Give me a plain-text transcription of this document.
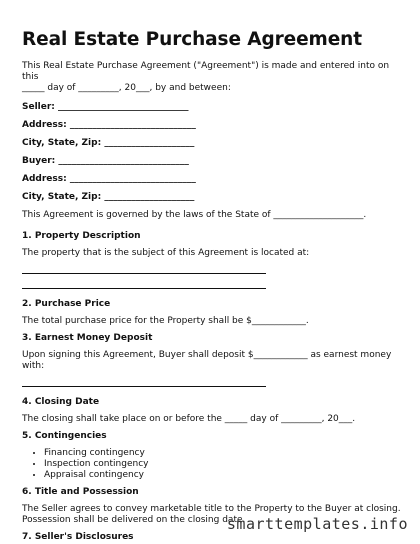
Real Estate Purchase Agreement

This Real Estate Purchase Agreement ("Agreement") is made and entered into on this

_____ day of _________, 20___, by and between:

Seller: _____________________________

Address: ____________________________

City, State, Zip: ____________________

Buyer: _____________________________

Address: ____________________________

City, State, Zip: ____________________

This Agreement is governed by the laws of the State of ____________________.

1. Property Description

The property that is the subject of this Agreement is located at:

2. Purchase Price

The total purchase price for the Property shall be $____________.

3. Earnest Money Deposit

Upon signing this Agreement, Buyer shall deposit $____________ as earnest money with:

4. Closing Date

The closing shall take place on or before the _____ day of _________, 20___.

5. Contingencies

• Financing contingency
• Inspection contingency
• Appraisal contingency

6. Title and Possession

The Seller agrees to convey marketable title to the Property to the Buyer at closing.

Possession shall be delivered on the closing date.

7. Seller's Disclosures

smarttemplates.info
